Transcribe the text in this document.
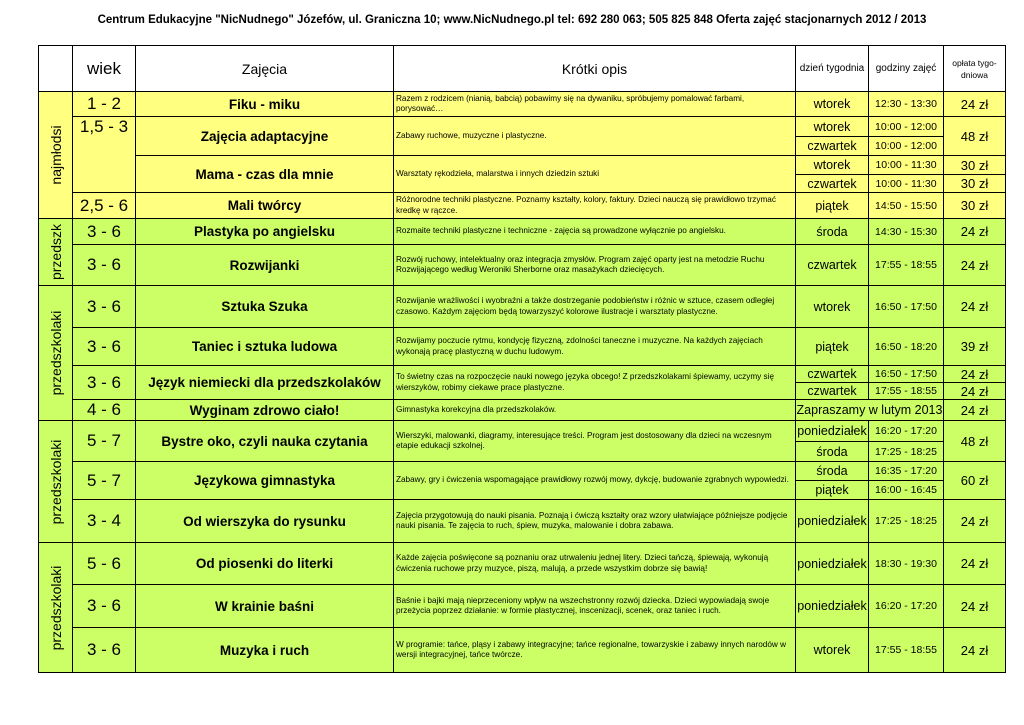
Centrum Edukacyjne "NicNudnego" Józefów, ul. Graniczna 10; www.NicNudnego.pl tel: 692 280 063; 505 825 848 Oferta zajęć stacjonarnych 2012 / 2013
	wiek	Zajęcia	Krótki opis	dzień tygodnia	godziny zajęć	opłata tygo-dniowa

najmłodsi	1 - 2	Fiku - miku	Razem z rodzicem (nianią, babcią) pobawimy się na dywaniku, spróbujemy pomalować farbami, porysować…	wtorek	12:30 - 13:30	24 zł
	1,5 - 3	Zajęcia adaptacyjne	Zabawy ruchowe, muzyczne i plastyczne.	wtorek	10:00 - 12:00	48 zł
				czwartek	10:00 - 12:00	
		Mama - czas dla mnie	Warsztaty rękodzieła, malarstwa i innych dziedzin sztuki	wtorek	10:00 - 11:30	30 zł
				czwartek	10:00 - 11:30	30 zł
	2,5 - 6	Mali twórcy	Różnorodne techniki plastyczne. Poznamy kształty, kolory, faktury. Dzieci nauczą się prawidłowo trzymać kredkę w rączce.	piątek	14:50 - 15:50	30 zł

przedszk	3 - 6	Plastyka po angielsku	Rozmaite techniki plastyczne i techniczne - zajęcia są prowadzone wyłącznie po angielsku.	środa	14:30 - 15:30	24 zł
	3 - 6	Rozwijanki	Rozwój ruchowy, intelektualny oraz integracja zmysłów. Program zajęć oparty jest na metodzie Ruchu Rozwijającego według Weroniki Sherborne oraz masażykach dziecięcych.	czwartek	17:55 - 18:55	24 zł

przedszkolaki	3 - 6	Sztuka Szuka	Rozwijanie wrażliwości i wyobraźni a także dostrzeganie podobieństw i różnic w sztuce, czasem odległej czasowo. Każdym zajęciom będą towarzyszyć kolorowe ilustracje i warsztaty plastyczne.	wtorek	16:50 - 17:50	24 zł
	3 - 6	Taniec i sztuka ludowa	Rozwijamy poczucie rytmu, kondycję fizyczną, zdolności taneczne i muzyczne. Na każdych zajęciach wykonają pracę plastyczną w duchu ludowym.	piątek	16:50 - 18:20	39 zł
	3 - 6	Język niemiecki dla przedszkolaków	To świetny czas na rozpoczęcie nauki nowego języka obcego! Z przedszkolakami śpiewamy, uczymy się wierszyków, robimy ciekawe prace plastyczne.	czwartek	16:50 - 17:50	24 zł
				czwartek	17:55 - 18:55	24 zł
	4 - 6	Wyginam zdrowo ciało!	Gimnastyka korekcyjna dla przedszkolaków.	Zapraszamy w lutym 2013		24 zł

przedszkolaki	5 - 7	Bystre oko, czyli nauka czytania	Wierszyki, malowanki, diagramy, interesujące treści. Program jest dostosowany dla dzieci na wczesnym etapie edukacji szkolnej.	poniedziałek	16:20 - 17:20	48 zł
				środa	17:25 - 18:25	
	5 - 7	Językowa gimnastyka	Zabawy, gry i ćwiczenia wspomagające prawidłowy rozwój mowy, dykcję, budowanie zgrabnych wypowiedzi.	środa	16:35 - 17:20	60 zł
				piątek	16:00 - 16:45	
	3 - 4	Od wierszyka do rysunku	Zajęcia przygotowują do nauki pisania. Poznają i ćwiczą kształty oraz wzory ułatwiające późniejsze podjęcie nauki pisania. Te zajęcia to ruch, śpiew, muzyka, malowanie i dobra zabawa.	poniedziałek	17:25 - 18:25	24 zł

przedszkolaki	5 - 6	Od piosenki do literki	Każde zajęcia poświęcone są poznaniu oraz utrwaleniu jednej litery. Dzieci tańczą, śpiewają, wykonują ćwiczenia ruchowe przy muzyce, piszą, malują, a przede wszystkim dobrze się bawią!	poniedziałek	18:30 - 19:30	24 zł
	3 - 6	W krainie baśni	Baśnie i bajki mają nieprzeceniony wpływ na wszechstronny rozwój dziecka. Dzieci wypowiadają swoje przeżycia poprzez działanie: w formie plastycznej, inscenizacji, scenek, oraz taniec i ruch.	poniedziałek	16:20 - 17:20	24 zł
	3 - 6	Muzyka i ruch	W programie: tańce, pląsy i zabawy integracyjne; tańce regionalne, towarzyskie i zabawy innych narodów w wersji integracyjnej, tańce twórcze.	wtorek	17:55 - 18:55	24 zł
